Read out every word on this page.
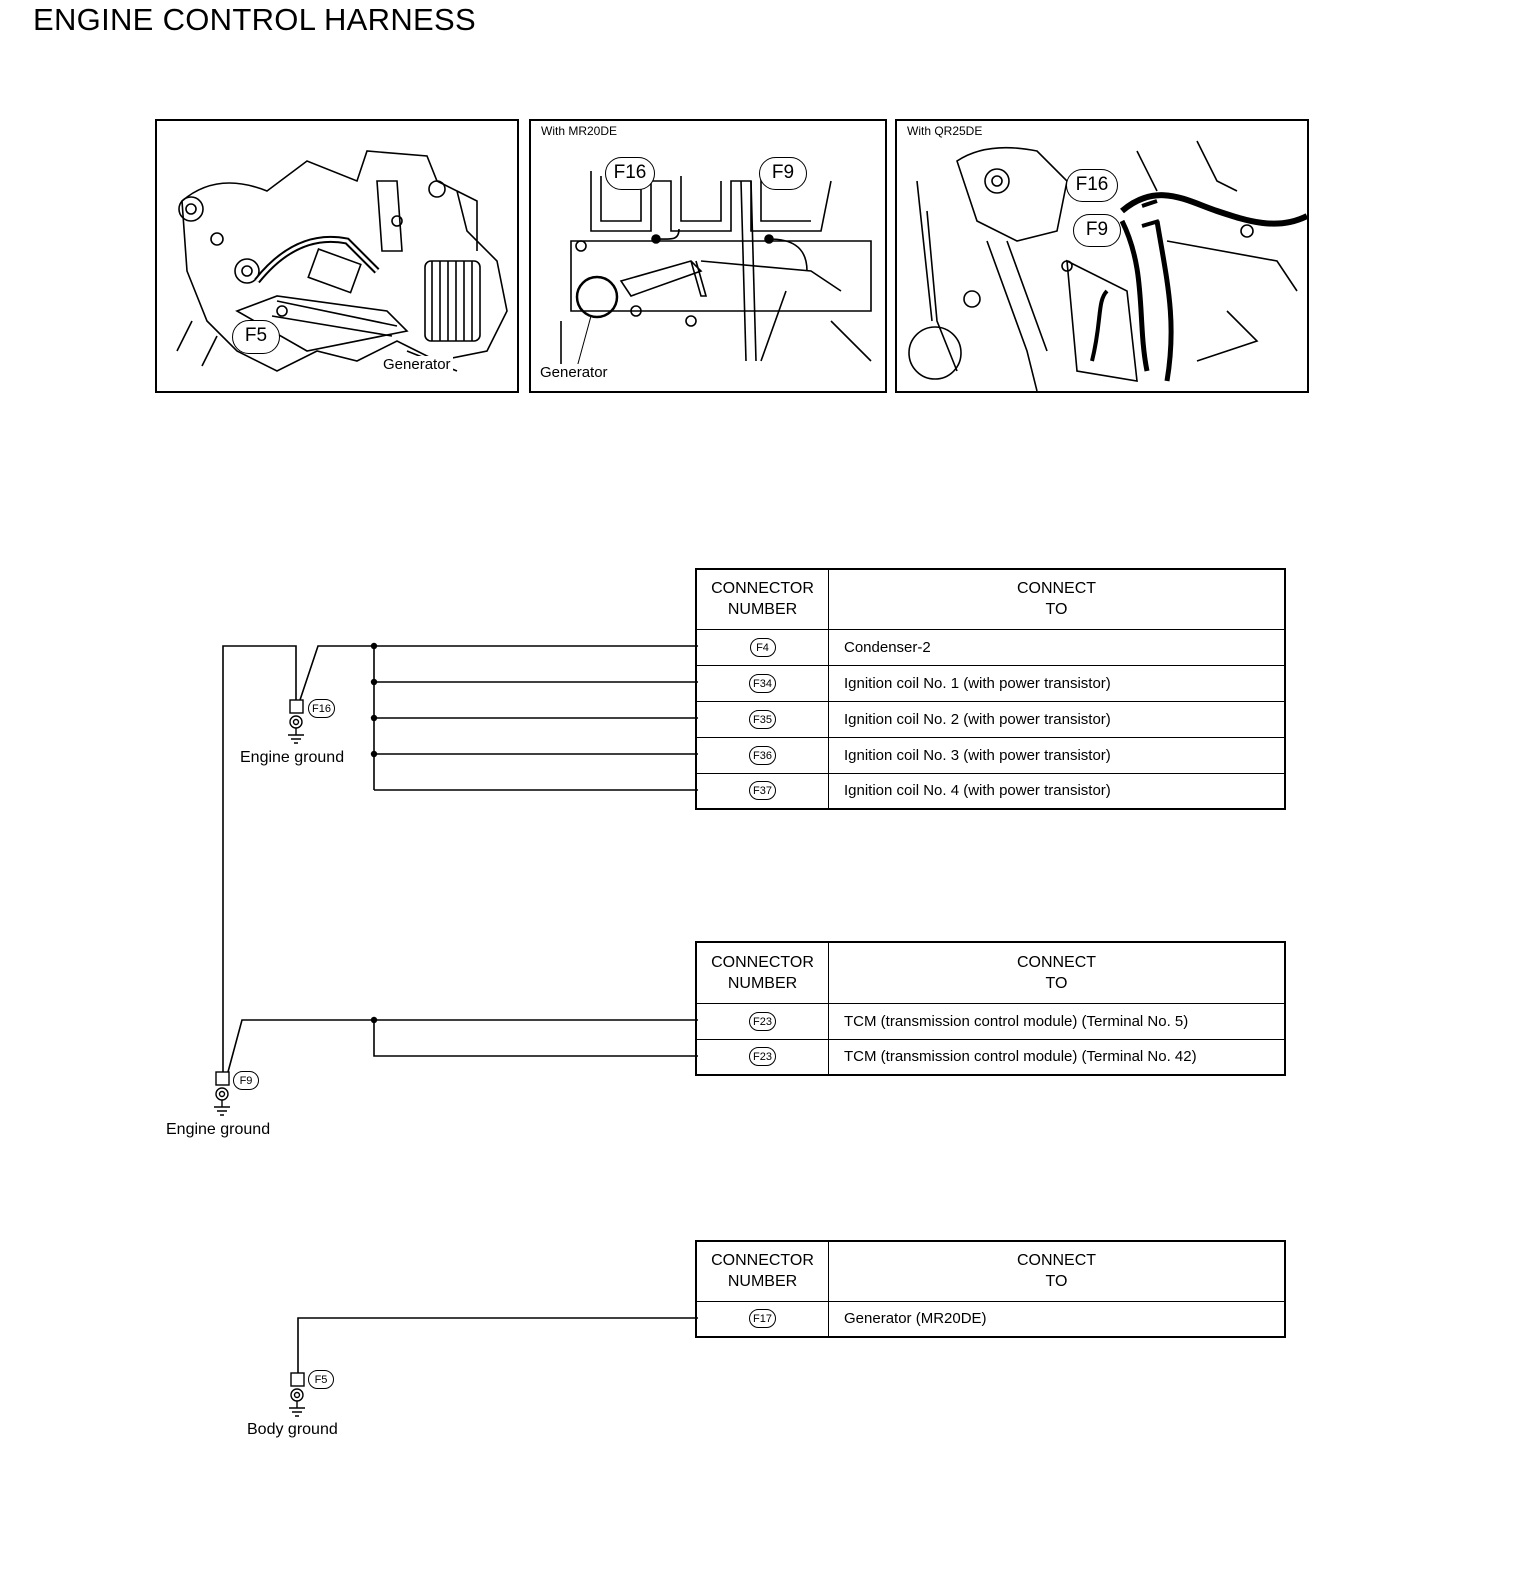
ENGINE CONTROL HARNESS
F5
Generator
With MR20DE
F16	F9
Generator
With QR25DE
F16
F9
F16
Engine ground
F9
Engine ground
F5
Body ground
CONNECTOR
NUMBER	CONNECT
TO
F4	Condenser-2
F34	Ignition coil No. 1 (with power transistor)
F35	Ignition coil No. 2 (with power transistor)
F36	Ignition coil No. 3 (with power transistor)
F37	Ignition coil No. 4 (with power transistor)
CONNECTOR
NUMBER	CONNECT
TO
F23	TCM (transmission control module) (Terminal No. 5)
F23	TCM (transmission control module) (Terminal No. 42)
CONNECTOR
NUMBER	CONNECT
TO
F17	Generator (MR20DE)
